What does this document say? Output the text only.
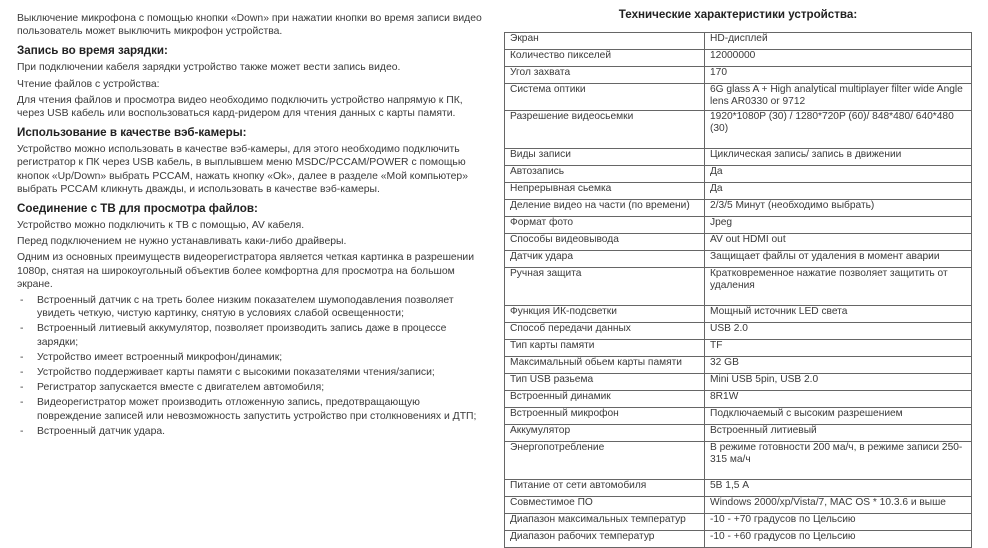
Выключение микрофона с помощью кнопки «Down» при нажатии кнопки во время записи видео пользователь может выключить микрофон устройства.

Запись во время зарядки:

При подключении кабеля зарядки устройство также может вести запись видео.

Чтение файлов с устройства:

Для чтения файлов и просмотра видео необходимо подключить устройство напрямую к ПК, через USB кабель или воспользоваться кард-ридером для чтения данных с карты памяти.

Использование в качестве вэб-камеры:

Устройство можно использовать в качестве вэб-камеры, для этого необходимо подключить регистратор к ПК через USB кабель, в выплывшем меню MSDC/PCCAM/POWER с помощью кнопок «Up/Down» выбрать PCCAM, нажать кнопку «Ok», далее в разделе «Мой компьютер» выбрать PCCAM кликнуть дважды, и использовать в качестве вэб-камеры.

Соединение с ТВ для просмотра файлов:

Устройство можно подключить к ТВ с помощью, AV кабеля.

Перед подключением не нужно устанавливать каки-либо драйверы.

Одним из основных преимуществ видеорегистратора является четкая картинка в разрешении 1080р, снятая на широкоугольный объектив более комфортна для просмотра на большом экране.

- Встроенный датчик с на треть более низким показателем шумоподавления позволяет увидеть четкую, чистую картинку, снятую в условиях слабой освещенности;
- Встроенный литиевый аккумулятор, позволяет производить запись даже в процессе зарядки;
- Устройство имеет встроенный микрофон/динамик;
- Устройство поддерживает карты памяти с высокими показателями чтения/записи;
- Регистратор запускается вместе с двигателем автомобиля;
- Видеорегистратор может производить отложенную запись, предотвращающую повреждение записей или невозможность запустить устройство при столкновениях и ДТП;
- Встроенный датчик удара.
Технические характеристики устройства:
Экран	HD-дисплей
Количество пикселей	12000000
Угол захвата	170
Система оптики	6G glass A + High analytical multiplayer filter wide Angle lens AR0330 or 9712
Разрешение видеосьемки	1920*1080P (30) / 1280*720P (60)/ 848*480/ 640*480 (30)
Виды записи	Циклическая запись/ запись в движении
Автозапись	Да
Непрерывная сьемка	Да
Деление видео на части (по времени)	2/3/5 Минут (необходимо выбрать)
Формат фото	Jpeg
Способы видеовывода	AV out HDMI out
Датчик удара	Защищает файлы от удаления в момент аварии
Ручная защита	Кратковременное нажатие позволяет защитить от удаления
Функция ИК-подсветки	Мощный источник LED света
Способ передачи данных	USB 2.0
Тип карты памяти	TF
Максимальный обьем карты памяти	32 GB
Тип USB разьема	Mini USB 5pin, USB 2.0
Встроенный динамик	8R1W
Встроенный микрофон	Подключаемый с высоким разрешением
Аккумулятор	Встроенный литиевый
Энергопотребление	В режиме готовности 200 ма/ч, в режиме записи 250-315 ма/ч
Питание от сети автомобиля	5В 1,5 А
Совместимое ПО	Windows 2000/xp/Vista/7, MAC OS * 10.3.6 и выше
Диапазон максимальных температур	-10 - +70 градусов по Цельсию
Диапазон рабочих температур	-10 - +60 градусов по Цельсию
